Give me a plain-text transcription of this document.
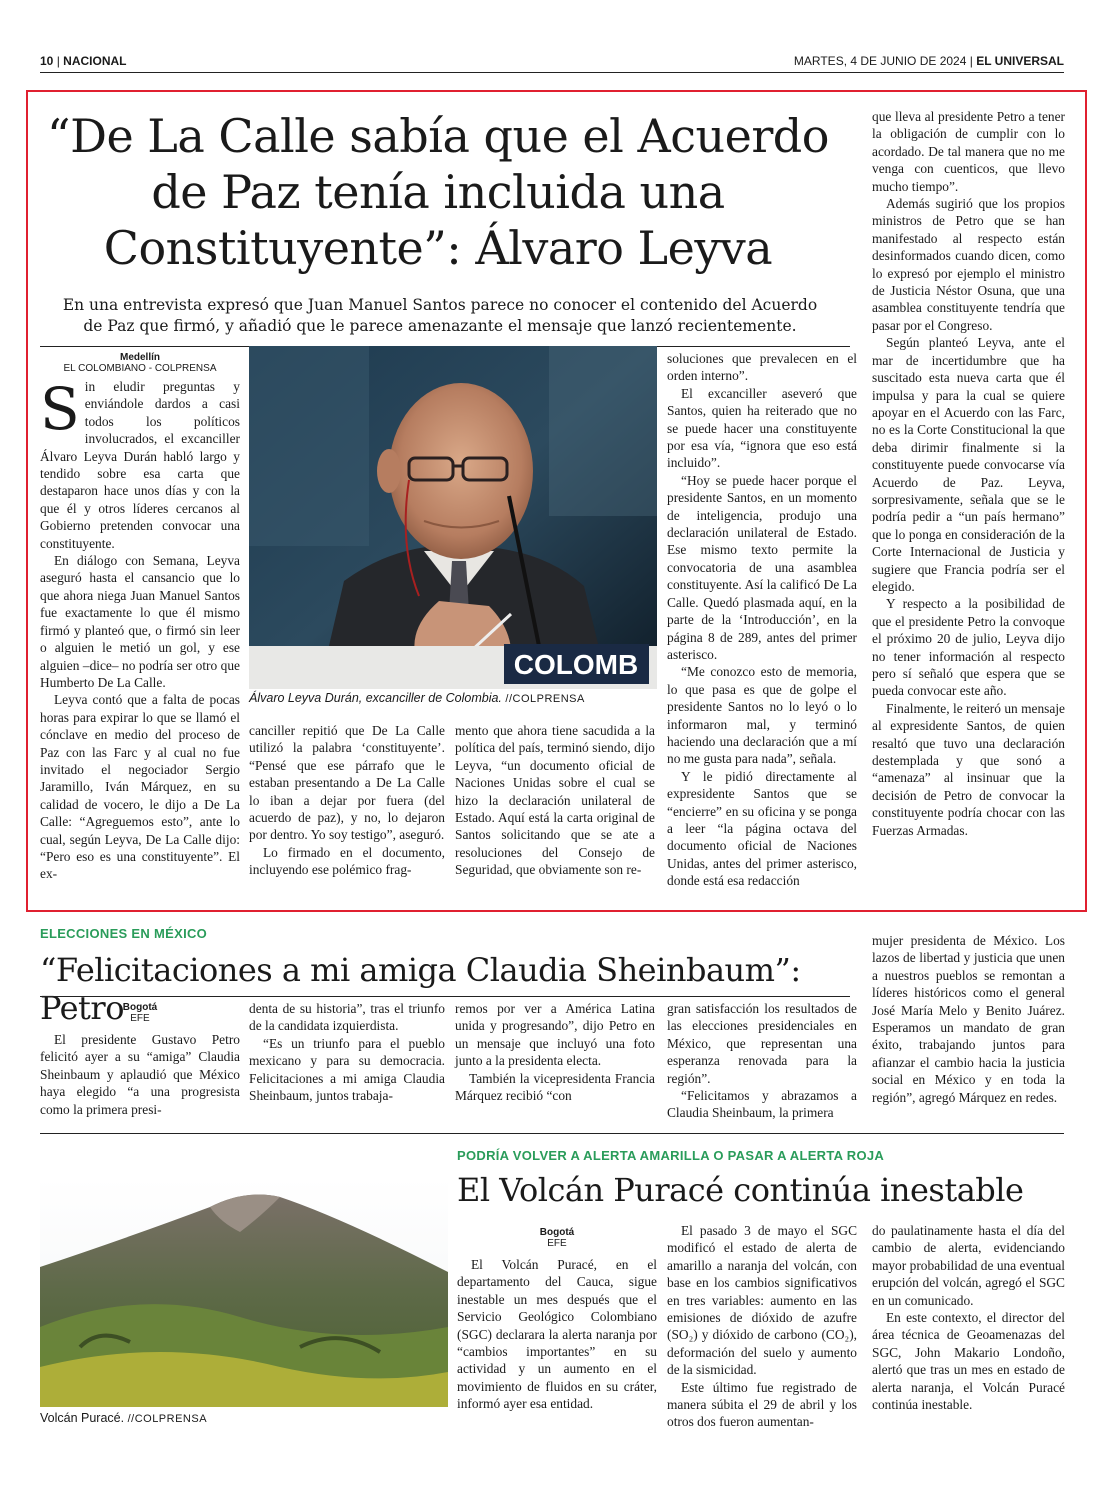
10 | NACIONAL	MARTES, 4 DE JUNIO DE 2024 | EL UNIVERSAL
“De La Calle sabía que el Acuerdo de Paz tenía incluida una Constituyente”: Álvaro Leyva
En una entrevista expresó que Juan Manuel Santos parece no conocer el contenido del Acuerdo de Paz que firmó, y añadió que le parece amenazante el mensaje que lanzó recientemente.
Medellín
EL COLOMBIANO - COLPRENSA

Sin eludir preguntas y enviándole dardos a casi todos los políticos involucrados, el excanciller Álvaro Leyva Durán habló largo y tendido sobre esa carta que destaparon hace unos días y con la que él y otros líderes cercanos al Gobierno pretenden convocar una constituyente.

En diálogo con Semana, Leyva aseguró hasta el cansancio que lo que ahora niega Juan Manuel Santos fue exactamente lo que él mismo firmó y planteó que, o firmó sin leer o alguien le metió un gol, y ese alguien –dice– no podría ser otro que Humberto De La Calle.

Leyva contó que a falta de pocas horas para expirar lo que se llamó el cónclave en medio del proceso de Paz con las Farc y al cual no fue invitado el negociador Sergio Jaramillo, Iván Márquez, en su calidad de vocero, le dijo a De La Calle: “Agreguemos esto”, ante lo cual, según Leyva, De La Calle dijo: “Pero eso es una constituyente”. El ex-

COLOMB
Álvaro Leyva Durán, excanciller de Colombia. //COLPRENSA

canciller repitió que De La Calle utilizó la palabra ‘constituyente’. “Pensé que ese párrafo que le estaban presentando a De La Calle lo iban a dejar por fuera (del acuerdo de paz), y no, lo dejaron por dentro. Yo soy testigo”, aseguró.

Lo firmado en el documento, incluyendo ese polémico frag-

mento que ahora tiene sacudida a la política del país, terminó siendo, dijo Leyva, “un documento oficial de Naciones Unidas sobre el cual se hizo la declaración unilateral de Estado. Aquí está la carta original de Santos solicitando que se ate a resoluciones del Consejo de Seguridad, que obviamente son re-

soluciones que prevalecen en el orden interno”.

El excanciller aseveró que Santos, quien ha reiterado que no se puede hacer una constituyente por esa vía, “ignora que eso está incluido”.

“Hoy se puede hacer porque el presidente Santos, en un momento de inteligencia, produjo una declaración unilateral de Estado. Ese mismo texto permite la convocatoria de una asamblea constituyente. Así la calificó De La Calle. Quedó plasmada aquí, en la parte de la ‘Introducción’, en la página 8 de 289, antes del primer asterisco.

“Me conozco esto de memoria, lo que pasa es que de golpe el presidente Santos no lo leyó o lo informaron mal, y terminó haciendo una declaración que a mí no me gusta para nada”, señala.

Y le pidió directamente al expresidente Santos que se “encierre” en su oficina y se ponga a leer “la página octava del documento oficial de Naciones Unidas, antes del primer asterisco, donde está esa redacción

que lleva al presidente Petro a tener la obligación de cumplir con lo acordado. De tal manera que no me venga con cuenticos, que llevo mucho tiempo”.

Además sugirió que los propios ministros de Petro que se han manifestado al respecto están desinformados cuando dicen, como lo expresó por ejemplo el ministro de Justicia Néstor Osuna, que una asamblea constituyente tendría que pasar por el Congreso.

Según planteó Leyva, ante el mar de incertidumbre que ha suscitado esta nueva carta que él impulsa y para la cual se quiere apoyar en el Acuerdo con las Farc, no es la Corte Constitucional la que deba dirimir finalmente si la constituyente puede convocarse vía Acuerdo de Paz. Leyva, sorpresivamente, señala que se le podría pedir a “un país hermano” que lo ponga en consideración de la Corte Internacional de Justicia y sugiere que Francia podría ser el elegido.

Y respecto a la posibilidad de que el presidente Petro la convoque el próximo 20 de julio, Leyva dijo no tener información al respecto pero sí señaló que espera que se pueda convocar este año.

Finalmente, le reiteró un mensaje al expresidente Santos, de quien resaltó que tuvo una declaración destemplada y que sonó a “amenaza” al insinuar que la decisión de Petro de convocar la constituyente podría chocar con las Fuerzas Armadas.

ELECCIONES EN MÉXICO
“Felicitaciones a mi amiga Claudia Sheinbaum”: Petro
Bogotá
EFE

El presidente Gustavo Petro felicitó ayer a su “amiga” Claudia Sheinbaum y aplaudió que México haya elegido “a una progresista como la primera presi-

denta de su historia”, tras el triunfo de la candidata izquierdista.

“Es un triunfo para el pueblo mexicano y para su democracia. Felicitaciones a mi amiga Claudia Sheinbaum, juntos trabaja-

remos por ver a América Latina unida y progresando”, dijo Petro en un mensaje que incluyó una foto junto a la presidenta electa.

También la vicepresidenta Francia Márquez recibió “con

gran satisfacción los resultados de las elecciones presidenciales en México, que representan una esperanza renovada para la región”.

“Felicitamos y abrazamos a Claudia Sheinbaum, la primera

mujer presidenta de México. Los lazos de libertad y justicia que unen a nuestros pueblos se remontan a líderes históricos como el general José María Melo y Benito Juárez. Esperamos un mandato de gran éxito, trabajando juntos para afianzar el cambio hacia la justicia social en México y en toda la región”, agregó Márquez en redes.

PODRÍA VOLVER A ALERTA AMARILLA O PASAR A ALERTA ROJA
El Volcán Puracé continúa inestable
Volcán Puracé. //COLPRENSA
Bogotá
EFE

El Volcán Puracé, en el departamento del Cauca, sigue inestable un mes después que el Servicio Geológico Colombiano (SGC) declarara la alerta naranja por “cambios importantes” en su actividad y un aumento en el movimiento de fluidos en su cráter, informó ayer esa entidad.

El pasado 3 de mayo el SGC modificó el estado de alerta de amarillo a naranja del volcán, con base en los cambios significativos en tres variables: aumento en las emisiones de dióxido de azufre (SO₂) y dióxido de carbono (CO₂), deformación del suelo y aumento de la sismicidad.

Este último fue registrado de manera súbita el 29 de abril y los otros dos fueron aumentan-

do paulatinamente hasta el día del cambio de alerta, evidenciando mayor probabilidad de una eventual erupción del volcán, agregó el SGC en un comunicado.

En este contexto, el director del área técnica de Geoamenazas del SGC, John Makario Londoño, alertó que tras un mes en estado de alerta naranja, el Volcán Puracé continúa inestable.
